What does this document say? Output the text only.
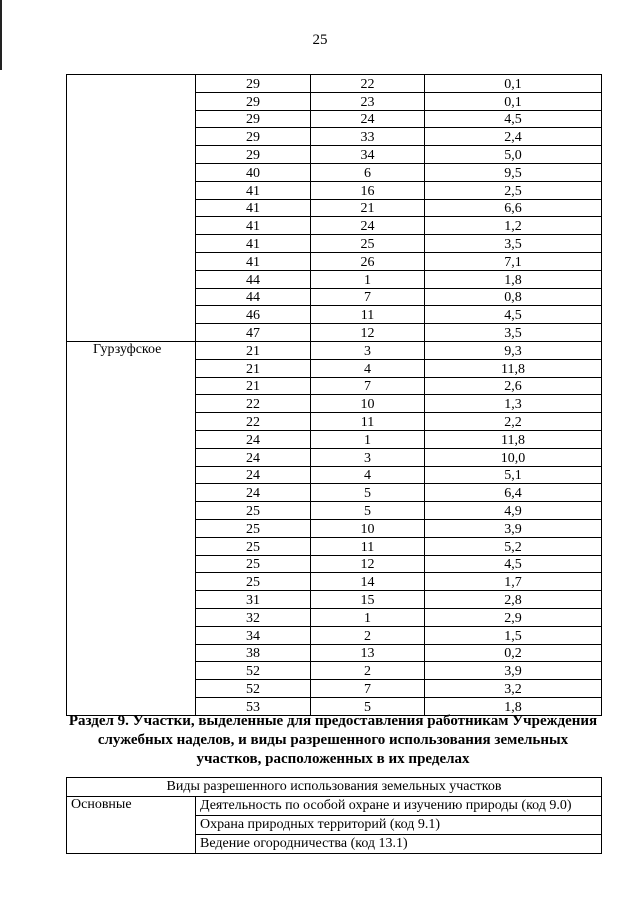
25
	29	22	0,1
	29	23	0,1
	29	24	4,5
	29	33	2,4
	29	34	5,0
	40	6	9,5
	41	16	2,5
	41	21	6,6
	41	24	1,2
	41	25	3,5
	41	26	7,1
	44	1	1,8
	44	7	0,8
	46	11	4,5
	47	12	3,5
Гурзуфское	21	3	9,3
	21	4	11,8
	21	7	2,6
	22	10	1,3
	22	11	2,2
	24	1	11,8
	24	3	10,0
	24	4	5,1
	24	5	6,4
	25	5	4,9
	25	10	3,9
	25	11	5,2
	25	12	4,5
	25	14	1,7
	31	15	2,8
	32	1	2,9
	34	2	1,5
	38	13	0,2
	52	2	3,9
	52	7	3,2
	53	5	1,8
Раздел 9. Участки, выделенные для предоставления работникам Учреждения служебных наделов, и виды разрешенного использования земельных участков, расположенных в их пределах
Виды разрешенного использования земельных участков
Основные	Деятельность по особой охране и изучению природы (код 9.0)
Охрана природных территорий (код 9.1)
Ведение огородничества (код 13.1)
